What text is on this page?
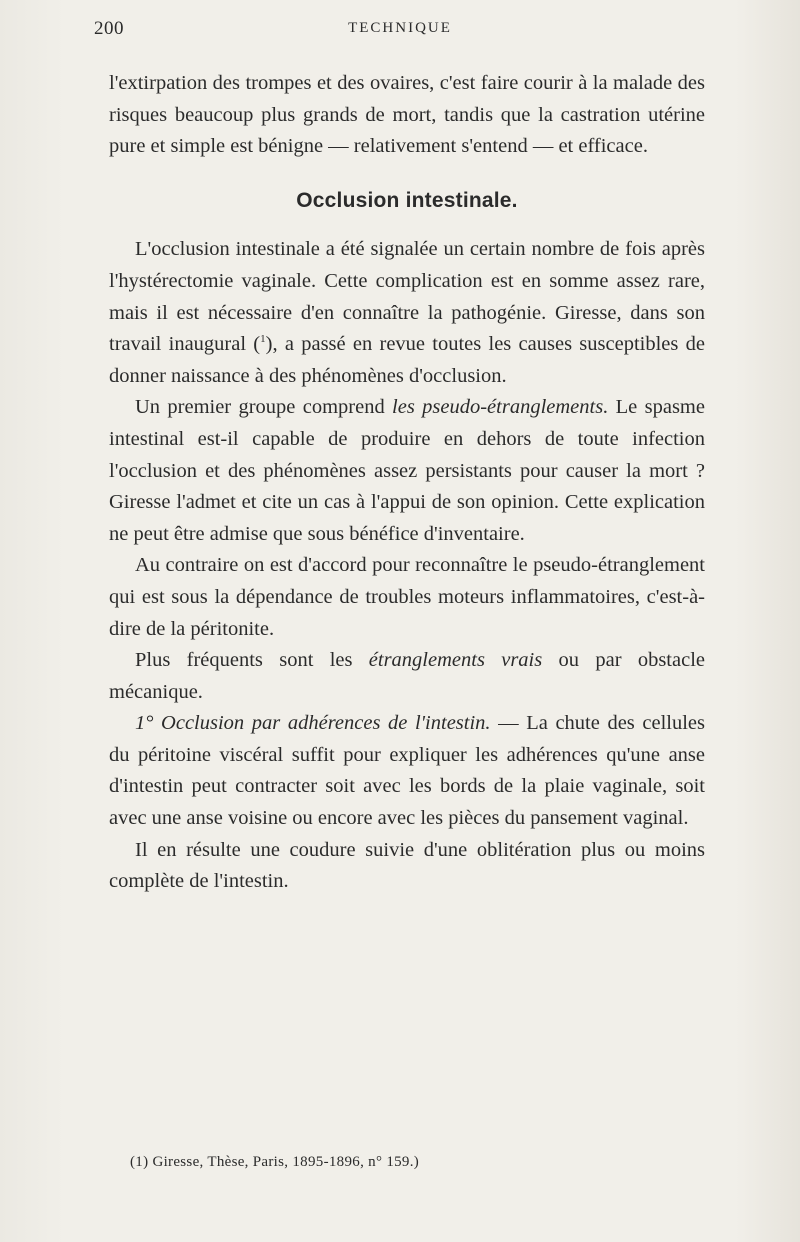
200	TECHNIQUE

l'extirpation des trompes et des ovaires, c'est faire courir à la malade des risques beaucoup plus grands de mort, tandis que la castration utérine pure et simple est bénigne — relativement s'entend — et efficace.

Occlusion intestinale.

L'occlusion intestinale a été signalée un certain nombre de fois après l'hystérectomie vaginale. Cette complication est en somme assez rare, mais il est nécessaire d'en connaître la pathogénie. Giresse, dans son travail inaugural ($^1$), a passé en revue toutes les causes susceptibles de donner naissance à des phénomènes d'occlusion.

Un premier groupe comprend les pseudo-étranglements. Le spasme intestinal est-il capable de produire en dehors de toute infection l'occlusion et des phénomènes assez persistants pour causer la mort ? Giresse l'admet et cite un cas à l'appui de son opinion. Cette explication ne peut être admise que sous bénéfice d'inventaire.

Au contraire on est d'accord pour reconnaître le pseudo-étranglement qui est sous la dépendance de troubles moteurs inflammatoires, c'est-à-dire de la péritonite.

Plus fréquents sont les étranglements vrais ou par obstacle mécanique.

1° Occlusion par adhérences de l'intestin. — La chute des cellules du péritoine viscéral suffit pour expliquer les adhérences qu'une anse d'intestin peut contracter soit avec les bords de la plaie vaginale, soit avec une anse voisine ou encore avec les pièces du pansement vaginal.

Il en résulte une coudure suivie d'une oblitération plus ou moins complète de l'intestin.

(1) Giresse, Thèse, Paris, 1895-1896, n° 159.)
